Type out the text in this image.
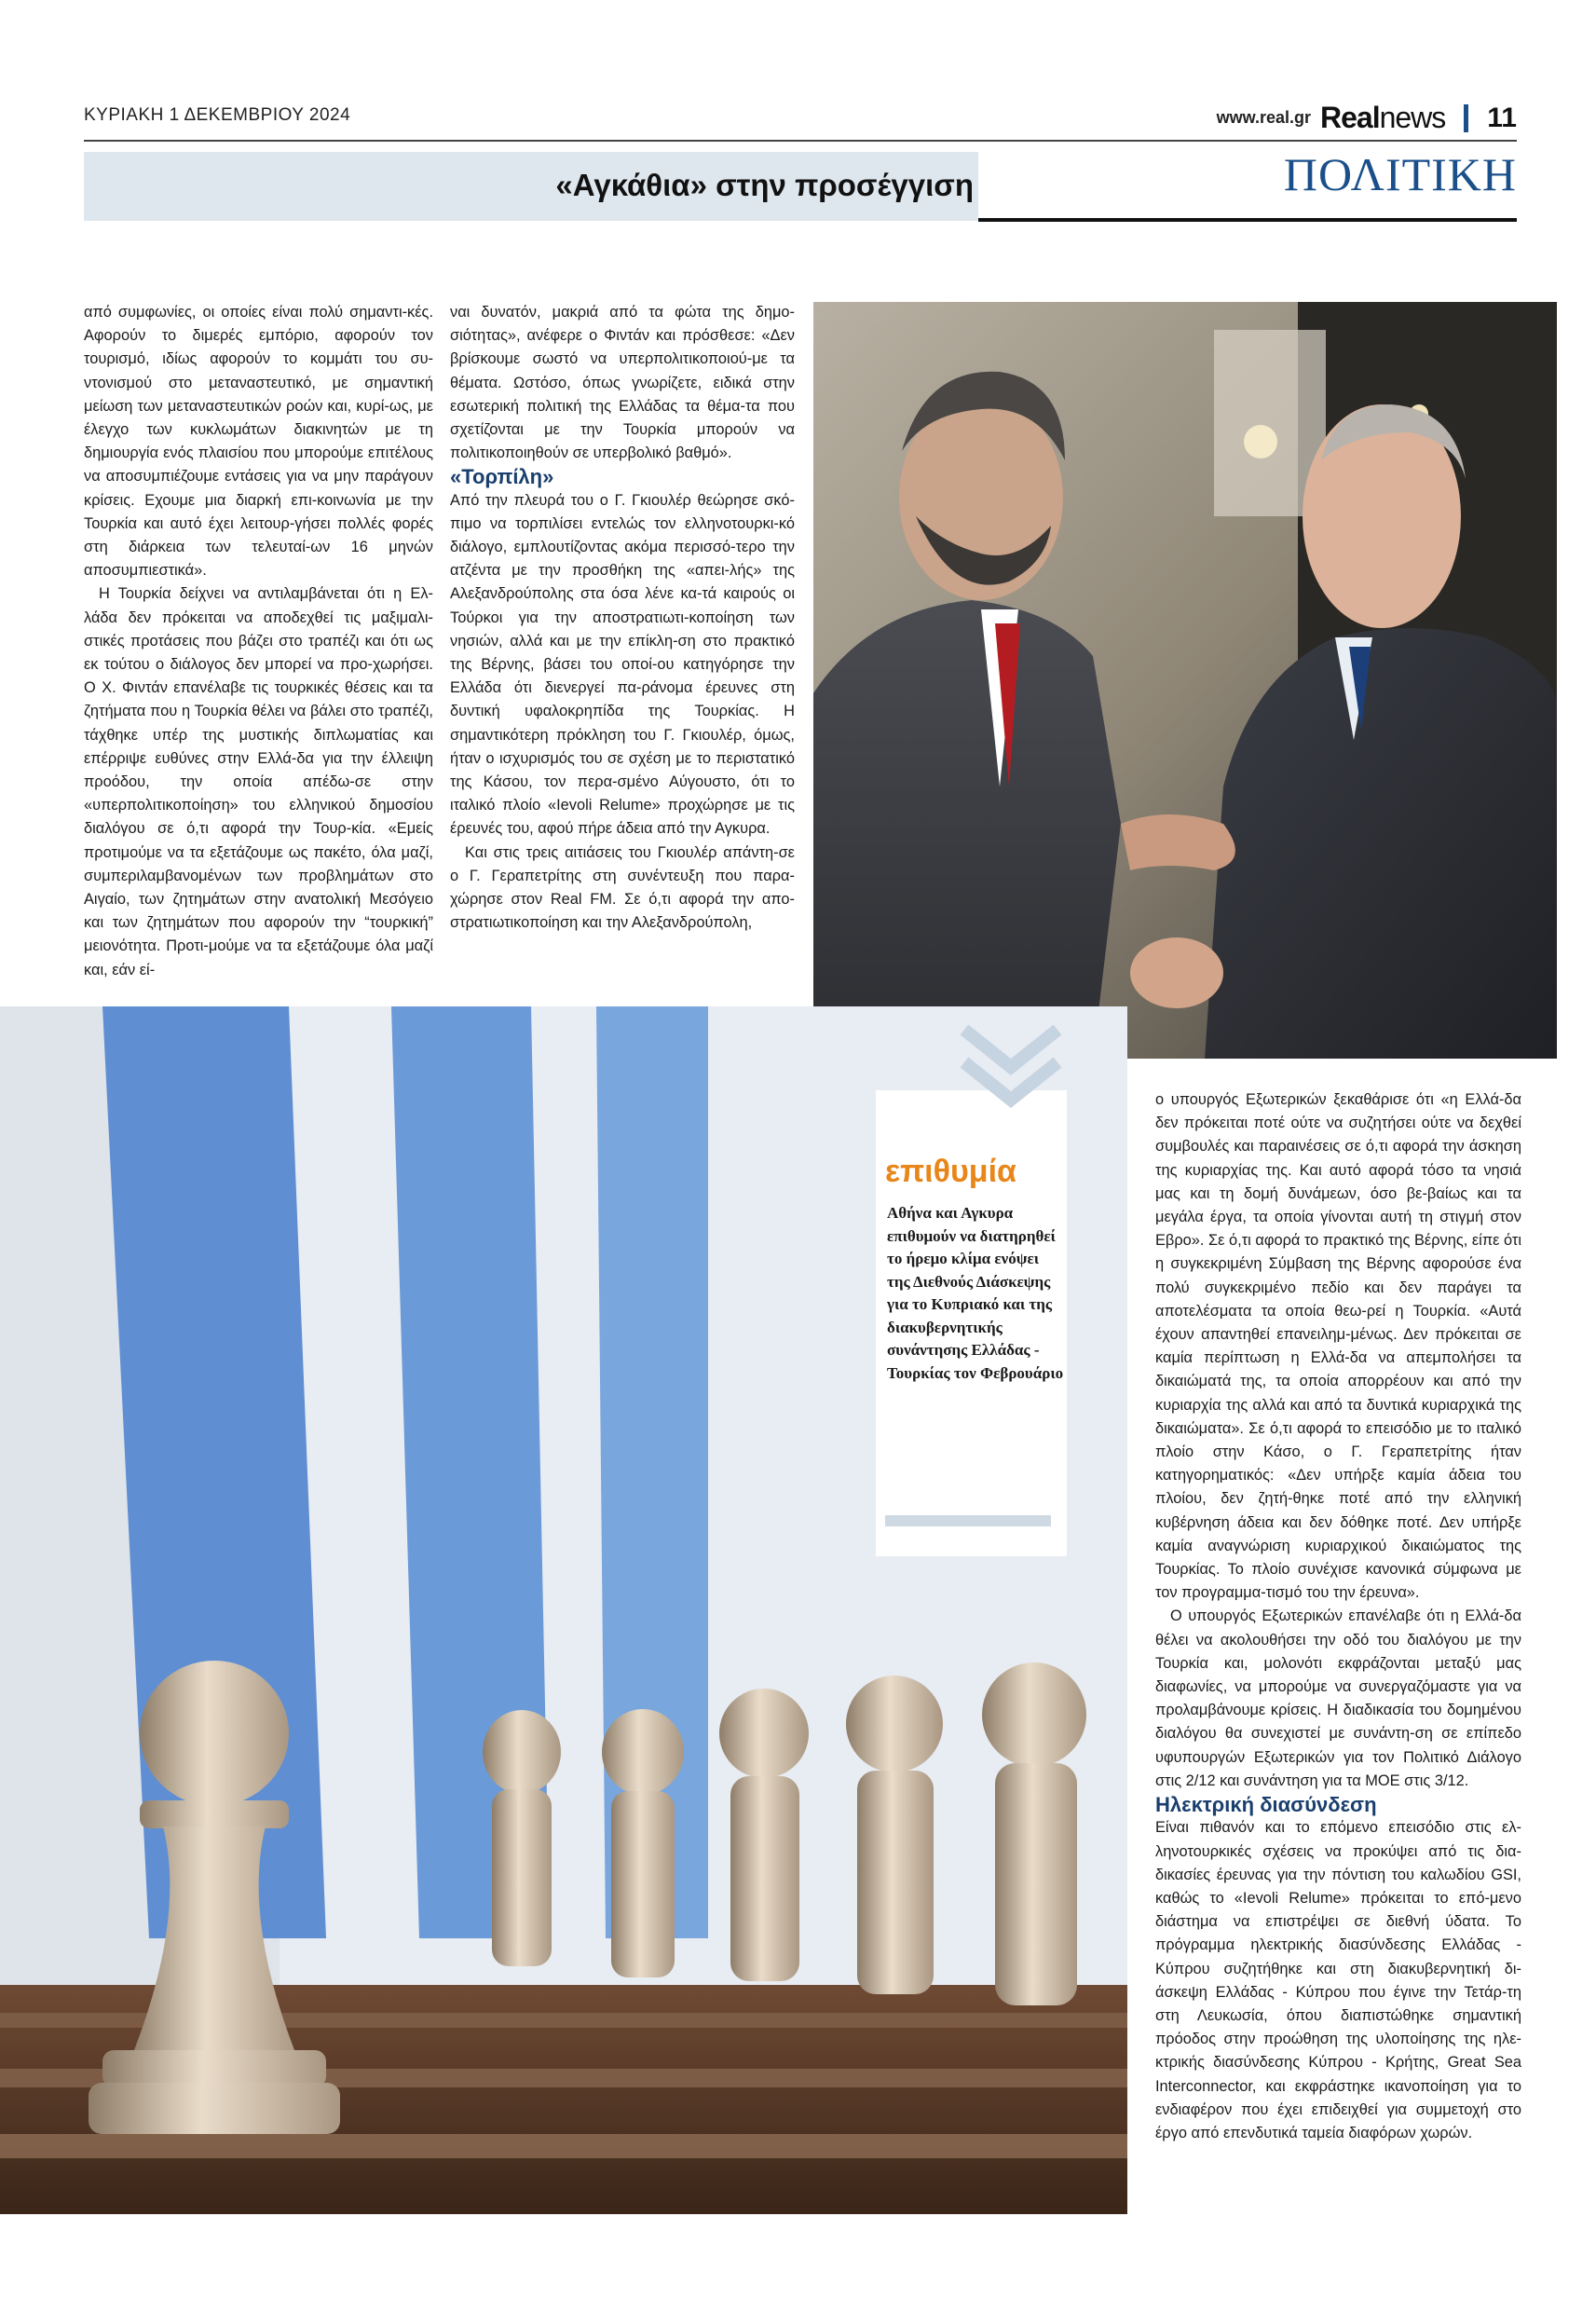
ΚΥΡΙΑΚΗ 1 ΔΕΚΕΜΒΡΙΟΥ 2024	www.real.gr Realnews 11
«Αγκάθια» στην προσέγγιση	ΠΟΛΙΤΙΚΗ

από συμφωνίες, οι οποίες είναι πολύ σημαντι-κές. Αφορούν το διμερές εμπόριο, αφορούν τον τουρισμό, ιδίως αφορούν το κομμάτι του συ-ντονισμού στο μεταναστευτικό, με σημαντική μείωση των μεταναστευτικών ροών και, κυρί-ως, με έλεγχο των κυκλωμάτων διακινητών με τη δημιουργία ενός πλαισίου που μπορούμε επιτέλους να αποσυμπιέζουμε εντάσεις για να μην παράγουν κρίσεις. Εχουμε μια διαρκή επι-κοινωνία με την Τουρκία και αυτό έχει λειτουρ-γήσει πολλές φορές στη διάρκεια των τελευταί-ων 16 μηνών αποσυμπιεστικά».

Η Τουρκία δείχνει να αντιλαμβάνεται ότι η Ελ-λάδα δεν πρόκειται να αποδεχθεί τις μαξιμαλι-στικές προτάσεις που βάζει στο τραπέζι και ότι ως εκ τούτου ο διάλογος δεν μπορεί να προ-χωρήσει. Ο Χ. Φιντάν επανέλαβε τις τουρκικές θέσεις και τα ζητήματα που η Τουρκία θέλει να βάλει στο τραπέζι, τάχθηκε υπέρ της μυστικής διπλωματίας και επέρριψε ευθύνες στην Ελλά-δα για την έλλειψη προόδου, την οποία απέδω-σε στην «υπερπολιτικοποίηση» του ελληνικού δημοσίου διαλόγου σε ό,τι αφορά την Τουρ-κία. «Εμείς προτιμούμε να τα εξετάζουμε ως πακέτο, όλα μαζί, συμπεριλαμβανομένων των προβλημάτων στο Αιγαίο, των ζητημάτων στην ανατολική Μεσόγειο και των ζητημάτων που αφορούν την “τουρκική” μειονότητα. Προτι-μούμε να τα εξετάζουμε όλα μαζί και, εάν εί-

ναι δυνατόν, μακριά από τα φώτα της δημο-σιότητας», ανέφερε ο Φιντάν και πρόσθεσε: «Δεν βρίσκουμε σωστό να υπερπολιτικοποιού-με τα θέματα. Ωστόσο, όπως γνωρίζετε, ειδικά στην εσωτερική πολιτική της Ελλάδας τα θέμα-τα που σχετίζονται με την Τουρκία μπορούν να πολιτικοποιηθούν σε υπερβολικό βαθμό».

«Τορπίλη»

Από την πλευρά του ο Γ. Γκιουλέρ θεώρησε σκό-πιμο να τορπιλίσει εντελώς τον ελληνοτουρκι-κό διάλογο, εμπλουτίζοντας ακόμα περισσό-τερο την ατζέντα με την προσθήκη της «απει-λής» της Αλεξανδρούπολης στα όσα λένε κα-τά καιρούς οι Τούρκοι για την αποστρατιωτι-κοποίηση των νησιών, αλλά και με την επίκλη-ση στο πρακτικό της Βέρνης, βάσει του οποί-ου κατηγόρησε την Ελλάδα ότι διενεργεί πα-ράνομα έρευνες στη δυντική υφαλοκρηπίδα της Τουρκίας. Η σημαντικότερη πρόκληση του Γ. Γκιουλέρ, όμως, ήταν ο ισχυρισμός του σε σχέση με το περιστατικό της Κάσου, τον περα-σμένο Αύγουστο, ότι το ιταλικό πλοίο «Ievoli Relume» προχώρησε με τις έρευνές του, αφού πήρε άδεια από την Αγκυρα.

Και στις τρεις αιτιάσεις του Γκιουλέρ απάντη-σε ο Γ. Γεραπετρίτης στη συνέντευξη που παρα-χώρησε στον Real FM. Σε ό,τι αφορά την απο-στρατιωτικοποίηση και την Αλεξανδρούπολη,

επιθυμία
Αθήνα και Αγκυρα επιθυμούν να διατηρηθεί το ήρεμο κλίμα ενόψει της Διεθνούς Διάσκεψης για το Κυπριακό και της διακυβερνητικής συνάντησης Ελλάδας - Τουρκίας τον Φεβρουάριο

ο υπουργός Εξωτερικών ξεκαθάρισε ότι «η Ελλά-δα δεν πρόκειται ποτέ ούτε να συζητήσει ούτε να δεχθεί συμβουλές και παραινέσεις σε ό,τι αφορά την άσκηση της κυριαρχίας της. Και αυτό αφορά τόσο τα νησιά μας και τη δομή δυνάμεων, όσο βε-βαίως και τα μεγάλα έργα, τα οποία γίνονται αυτή τη στιγμή στον Εβρο». Σε ό,τι αφορά το πρακτικό της Βέρνης, είπε ότι η συγκεκριμένη Σύμβαση της Βέρνης αφορούσε ένα πολύ συγκεκριμένο πεδίο και δεν παράγει τα αποτελέσματα τα οποία θεω-ρεί η Τουρκία. «Αυτά έχουν απαντηθεί επανειλημ-μένως. Δεν πρόκειται σε καμία περίπτωση η Ελλά-δα να απεμπολήσει τα δικαιώματά της, τα οποία απορρέουν και από την κυριαρχία της αλλά και από τα δυντικά κυριαρχικά της δικαιώματα». Σε ό,τι αφορά το επεισόδιο με το ιταλικό πλοίο στην Κάσο, ο Γ. Γεραπετρίτης ήταν κατηγορηματικός: «Δεν υπήρξε καμία άδεια του πλοίου, δεν ζητή-θηκε ποτέ από την ελληνική κυβέρνηση άδεια και δεν δόθηκε ποτέ. Δεν υπήρξε καμία αναγνώριση κυριαρχικού δικαιώματος της Τουρκίας. Το πλοίο συνέχισε κανονικά σύμφωνα με τον προγραμμα-τισμό του την έρευνα».

Ο υπουργός Εξωτερικών επανέλαβε ότι η Ελλά-δα θέλει να ακολουθήσει την οδό του διαλόγου με την Τουρκία και, μολονότι εκφράζονται μεταξύ μας διαφωνίες, να μπορούμε να συνεργαζόμαστε για να προλαμβάνουμε κρίσεις. Η διαδικασία του δομημένου διαλόγου θα συνεχιστεί με συνάντη-ση σε επίπεδο υφυπουργών Εξωτερικών για τον Πολιτικό Διάλογο στις 2/12 και συνάντηση για τα ΜΟΕ στις 3/12.

Ηλεκτρική διασύνδεση

Είναι πιθανόν και το επόμενο επεισόδιο στις ελ-ληνοτουρκικές σχέσεις να προκύψει από τις δια-δικασίες έρευνας για την πόντιση του καλωδίου GSI, καθώς το «Ievoli Relume» πρόκειται το επό-μενο διάστημα να επιστρέψει σε διεθνή ύδατα. Το πρόγραμμα ηλεκτρικής διασύνδεσης Ελλάδας - Κύπρου συζητήθηκε και στη διακυβερνητική δι-άσκεψη Ελλάδας - Κύπρου που έγινε την Τετάρ-τη στη Λευκωσία, όπου διαπιστώθηκε σημαντική πρόοδος στην προώθηση της υλοποίησης της ηλε-κτρικής διασύνδεσης Κύπρου - Κρήτης, Great Sea Interconnector, και εκφράστηκε ικανοποίηση για το ενδιαφέρον που έχει επιδειχθεί για συμμετοχή στο έργο από επενδυτικά ταμεία διαφόρων χωρών.
